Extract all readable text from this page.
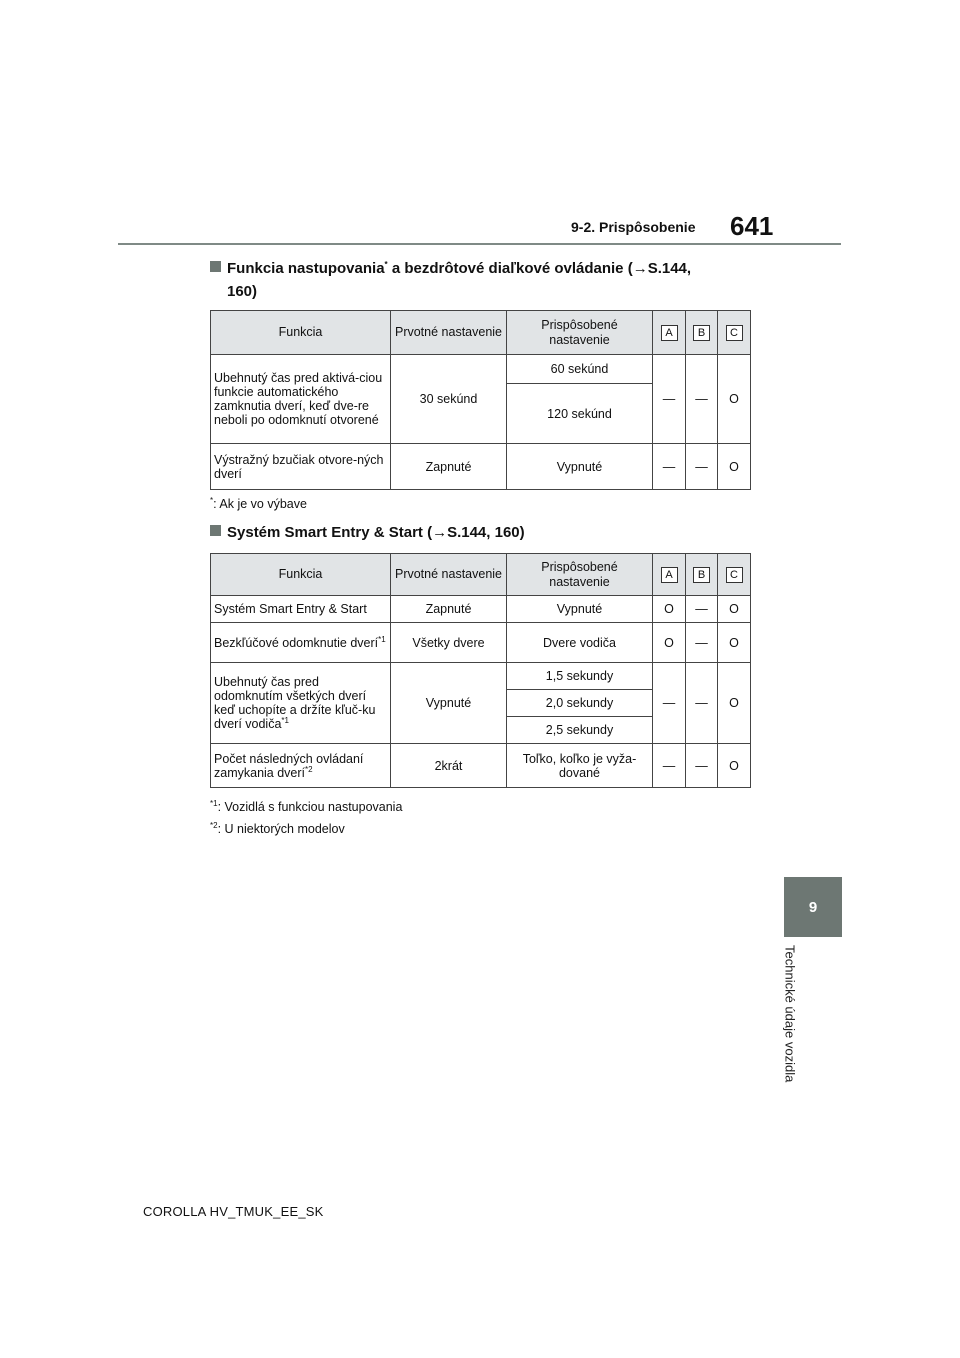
9-2. Prispôsobenie 641
9
Technické údaje vozidla
Funkcia nastupovania* a bezdrôtové diaľkové ovládanie (→S.144,
160)
Funkcia	Prvotné nastavenie	Prispôsobené nastavenie	A	B	C
Ubehnutý čas pred aktivá-ciou funkcie automatického zamknutia dverí, keď dve-re neboli po odomknutí otvorené	30 sekúnd	60 sekúnd	—	—	O
		120 sekúnd			
Výstražný bzučiak otvore-ných dverí	Zapnuté	Vypnuté	—	—	O
*: Ak je vo výbave
Systém Smart Entry & Start (→S.144, 160)
Funkcia	Prvotné nastavenie	Prispôsobené nastavenie	A	B	C
Systém Smart Entry & Start	Zapnuté	Vypnuté	O	—	O
Bezkľúčové odomknutie dverí$^{*1}$	Všetky dvere	Dvere vodiča	O	—	O
Ubehnutý čas pred odomknutím všetkých dverí keď uchopíte a držíte kľuč-ku dverí vodiča$^{*1}$	Vypnuté	1,5 sekundy	—	—	O
		2,0 sekundy			
		2,5 sekundy			
Počet následných ovládaní zamykania dverí$^{*2}$	2krát	Toľko, koľko je vyža-dované	—	—	O
$^{*1}$: Vozidlá s funkciou nastupovania
$^{*2}$: U niektorých modelov
COROLLA HV_TMUK_EE_SK
